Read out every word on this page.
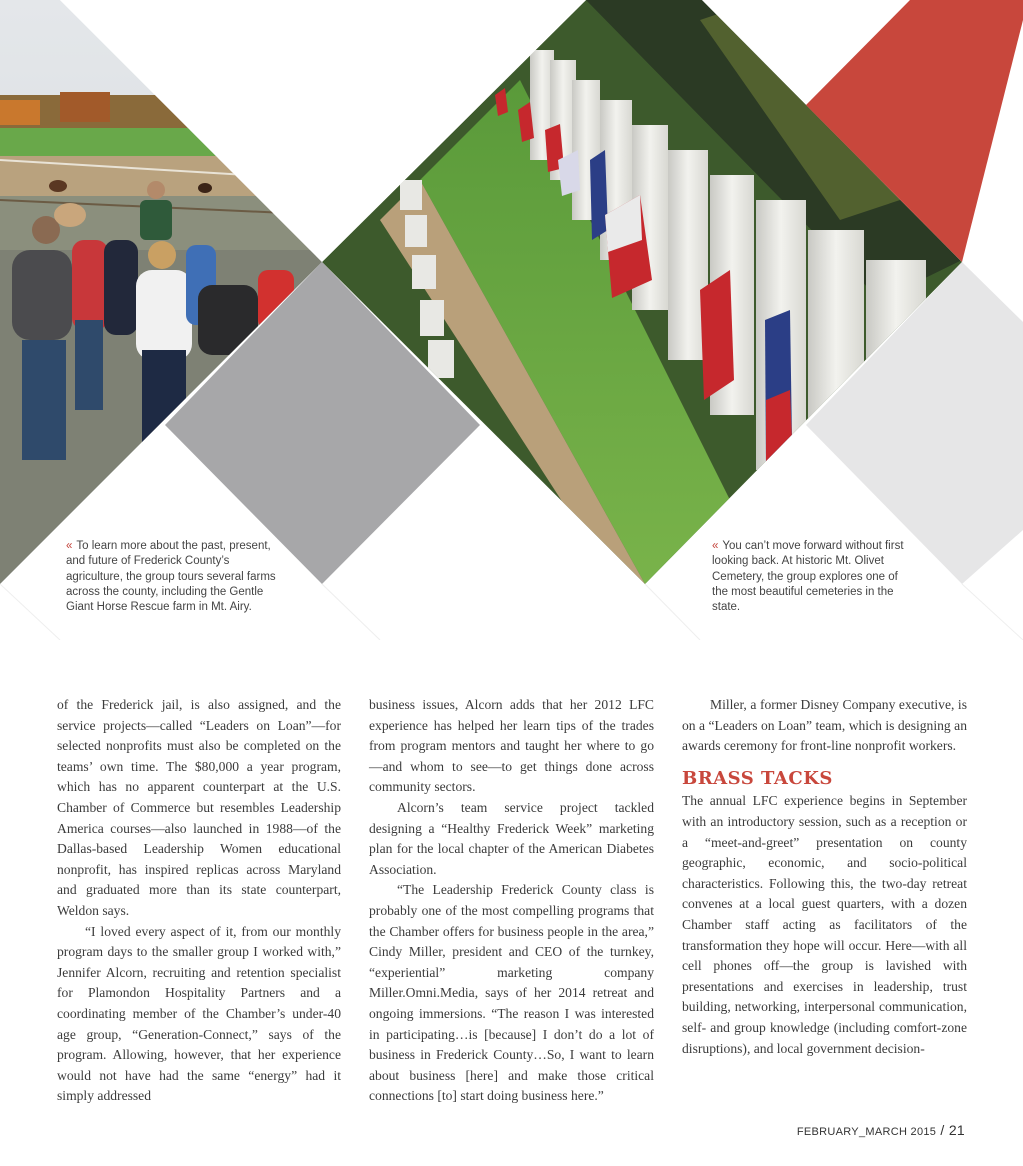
« To learn more about the past, present, and future of Frederick County’s agriculture, the group tours several farms across the county, including the Gentle Giant Horse Rescue farm in Mt. Airy.
« You can’t move forward without first looking back. At historic Mt. Olivet Cemetery, the group explores one of the most beautiful cemeteries in the state.

of the Frederick jail, is also assigned, and the service projects—called “Leaders on Loan”—for selected nonprofits must also be completed on the teams’ own time. The $80,000 a year program, which has no apparent counterpart at the U.S. Chamber of Commerce but resembles Leadership America courses—also launched in 1988—of the Dallas-based Leadership Women educational nonprofit, has inspired replicas across Maryland and graduated more than its state counterpart, Weldon says.

“I loved every aspect of it, from our monthly program days to the smaller group I worked with,” Jennifer Alcorn, recruiting and retention specialist for Plamondon Hospitality Partners and a coordinating member of the Chamber’s under-40 age group, “Generation-Connect,” says of the program. Allowing, however, that her experience would not have had the same “energy” had it simply addressed

business issues, Alcorn adds that her 2012 LFC experience has helped her learn tips of the trades from program mentors and taught her where to go—and whom to see—to get things done across community sectors.

Alcorn’s team service project tackled designing a “Healthy Frederick Week” marketing plan for the local chapter of the American Diabetes Association.

“The Leadership Frederick County class is probably one of the most compelling programs that the Chamber offers for business people in the area,” Cindy Miller, president and CEO of the turnkey, “experiential” marketing company Miller.Omni.Media, says of her 2014 retreat and ongoing immersions. “The reason I was interested in participating…is [because] I don’t do a lot of business in Frederick County…So, I want to learn about business [here] and make those critical connections [to] start doing business here.”

Miller, a former Disney Company executive, is on a “Leaders on Loan” team, which is designing an awards ceremony for front-line nonprofit workers.

BRASS TACKS

The annual LFC experience begins in September with an introductory session, such as a reception or a “meet-and-greet” presentation on county geographic, economic, and socio-political characteristics. Following this, the two-day retreat convenes at a local guest quarters, with a dozen Chamber staff acting as facilitators of the transformation they hope will occur. Here—with all cell phones off—the group is lavished with presentations and exercises in leadership, trust building, networking, interpersonal communication, self- and group knowledge (including comfort-zone disruptions), and local government decision-

FEBRUARY_MARCH 2015 / 21
